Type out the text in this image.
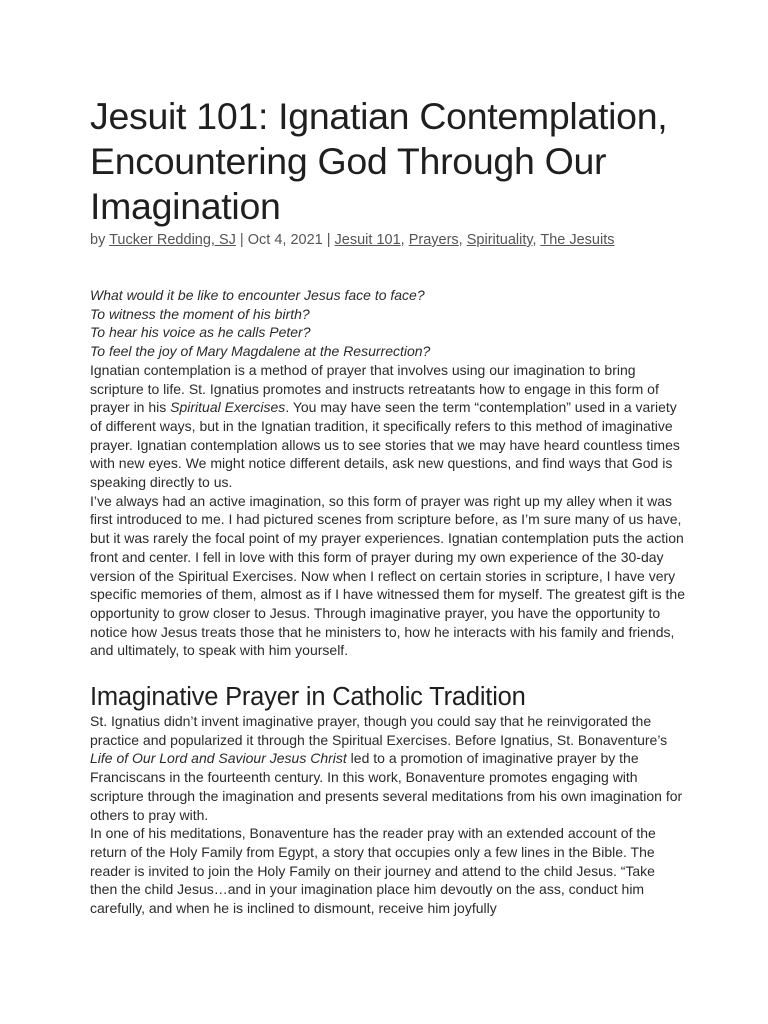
Jesuit 101: Ignatian Contemplation, Encountering God Through Our Imagination
by Tucker Redding, SJ | Oct 4, 2021 | Jesuit 101, Prayers, Spirituality, The Jesuits
What would it be like to encounter Jesus face to face?
To witness the moment of his birth?
To hear his voice as he calls Peter?
To feel the joy of Mary Magdalene at the Resurrection?

Ignatian contemplation is a method of prayer that involves using our imagination to bring scripture to life. St. Ignatius promotes and instructs retreatants how to engage in this form of prayer in his Spiritual Exercises. You may have seen the term “contemplation” used in a variety of different ways, but in the Ignatian tradition, it specifically refers to this method of imaginative prayer. Ignatian contemplation allows us to see stories that we may have heard countless times with new eyes. We might notice different details, ask new questions, and find ways that God is speaking directly to us.

I’ve always had an active imagination, so this form of prayer was right up my alley when it was first introduced to me. I had pictured scenes from scripture before, as I’m sure many of us have, but it was rarely the focal point of my prayer experiences. Ignatian contemplation puts the action front and center. I fell in love with this form of prayer during my own experience of the 30-day version of the Spiritual Exercises. Now when I reflect on certain stories in scripture, I have very specific memories of them, almost as if I have witnessed them for myself. The greatest gift is the opportunity to grow closer to Jesus. Through imaginative prayer, you have the opportunity to notice how Jesus treats those that he ministers to, how he interacts with his family and friends, and ultimately, to speak with him yourself.

Imaginative Prayer in Catholic Tradition

St. Ignatius didn’t invent imaginative prayer, though you could say that he reinvigorated the practice and popularized it through the Spiritual Exercises. Before Ignatius, St. Bonaventure’s Life of Our Lord and Saviour Jesus Christ led to a promotion of imaginative prayer by the Franciscans in the fourteenth century. In this work, Bonaventure promotes engaging with scripture through the imagination and presents several meditations from his own imagination for others to pray with.

In one of his meditations, Bonaventure has the reader pray with an extended account of the return of the Holy Family from Egypt, a story that occupies only a few lines in the Bible. The reader is invited to join the Holy Family on their journey and attend to the child Jesus. “Take then the child Jesus…and in your imagination place him devoutly on the ass, conduct him carefully, and when he is inclined to dismount, receive him joyfully
